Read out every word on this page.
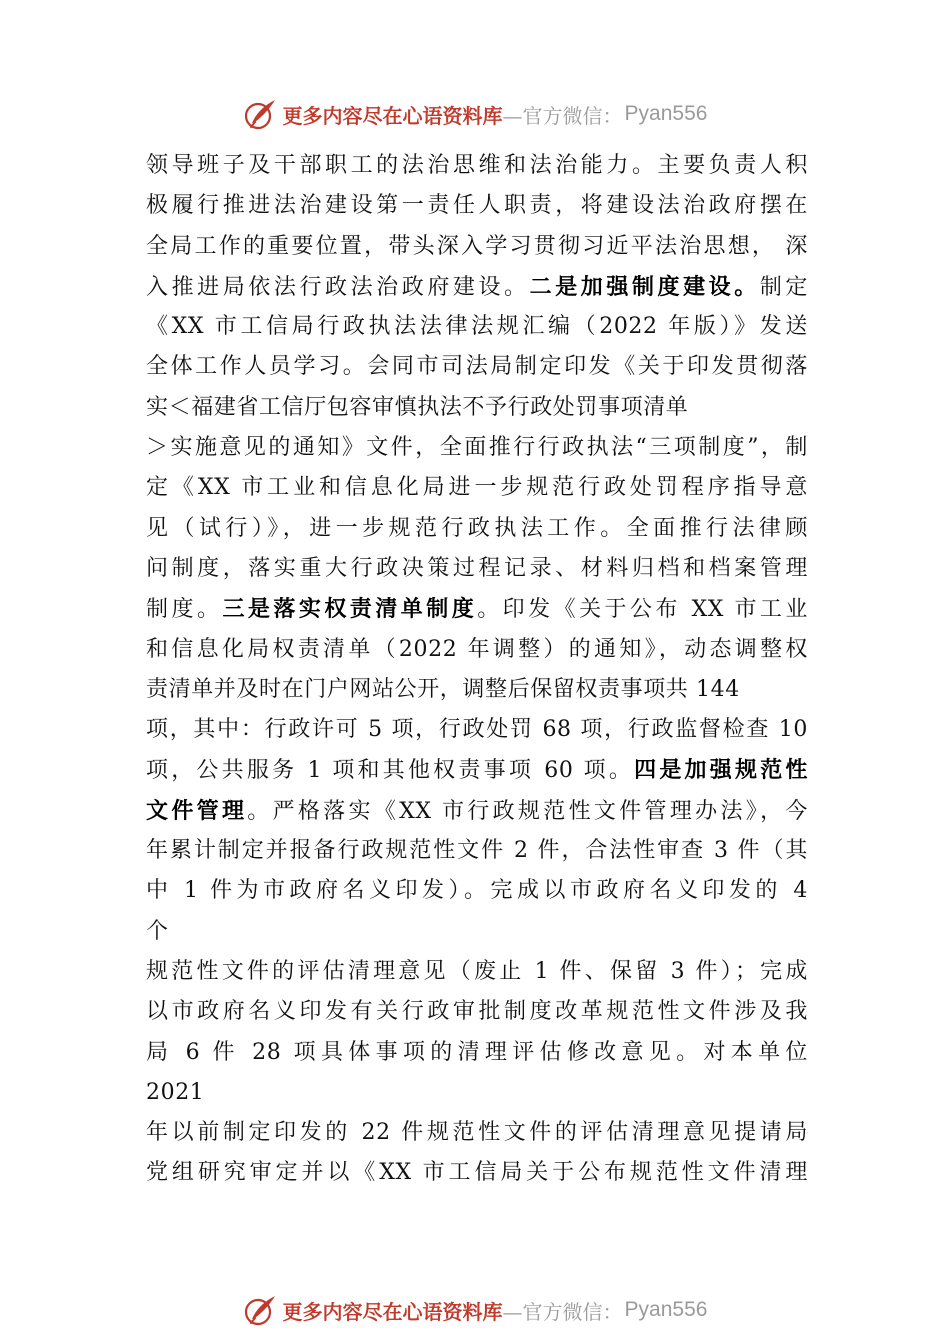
更多内容尽在心语资料库 —官方微信： Pyan556
领导班子及干部职工的法治思维和法治能力。主要负责人积
极履行推进法治建设第一责任人职责，将建设法治政府摆在
全局工作的重要位置，带头深入学习贯彻习近平法治思想， 深
入推进局依法行政法治政府建设。二是加强制度建设。制定
《XX 市工信局行政执法法律法规汇编（2022 年版）》发送
全体工作人员学习。会同市司法局制定印发《关于印发贯彻落
实＜福建省工信厅包容审慎执法不予行政处罚事项清单
＞实施意见的通知》文件，全面推行行政执法“三项制度”，制
定《XX 市工业和信息化局进一步规范行政处罚程序指导意
见（试行）》，进一步规范行政执法工作。全面推行法律顾
问制度，落实重大行政决策过程记录、材料归档和档案管理
制度。三是落实权责清单制度。印发《关于公布 XX 市工业
和信息化局权责清单（2022 年调整）的通知》，动态调整权
责清单并及时在门户网站公开，调整后保留权责事项共 144
项，其中：行政许可 5 项，行政处罚 68 项，行政监督检查 10
项，公共服务 1 项和其他权责事项 60 项。四是加强规范性
文件管理。严格落实《XX 市行政规范性文件管理办法》，今
年累计制定并报备行政规范性文件 2 件，合法性审查 3 件（其
中 1 件为市政府名义印发）。完成以市政府名义印发的 4
个
规范性文件的评估清理意见（废止 1 件、保留 3 件）；完成
以市政府名义印发有关行政审批制度改革规范性文件涉及我
局 6 件 28 项具体事项的清理评估修改意见。对本单位
2021
年以前制定印发的 22 件规范性文件的评估清理意见提请局
党组研究审定并以《XX 市工信局关于公布规范性文件清理
更多内容尽在心语资料库 —官方微信： Pyan556
